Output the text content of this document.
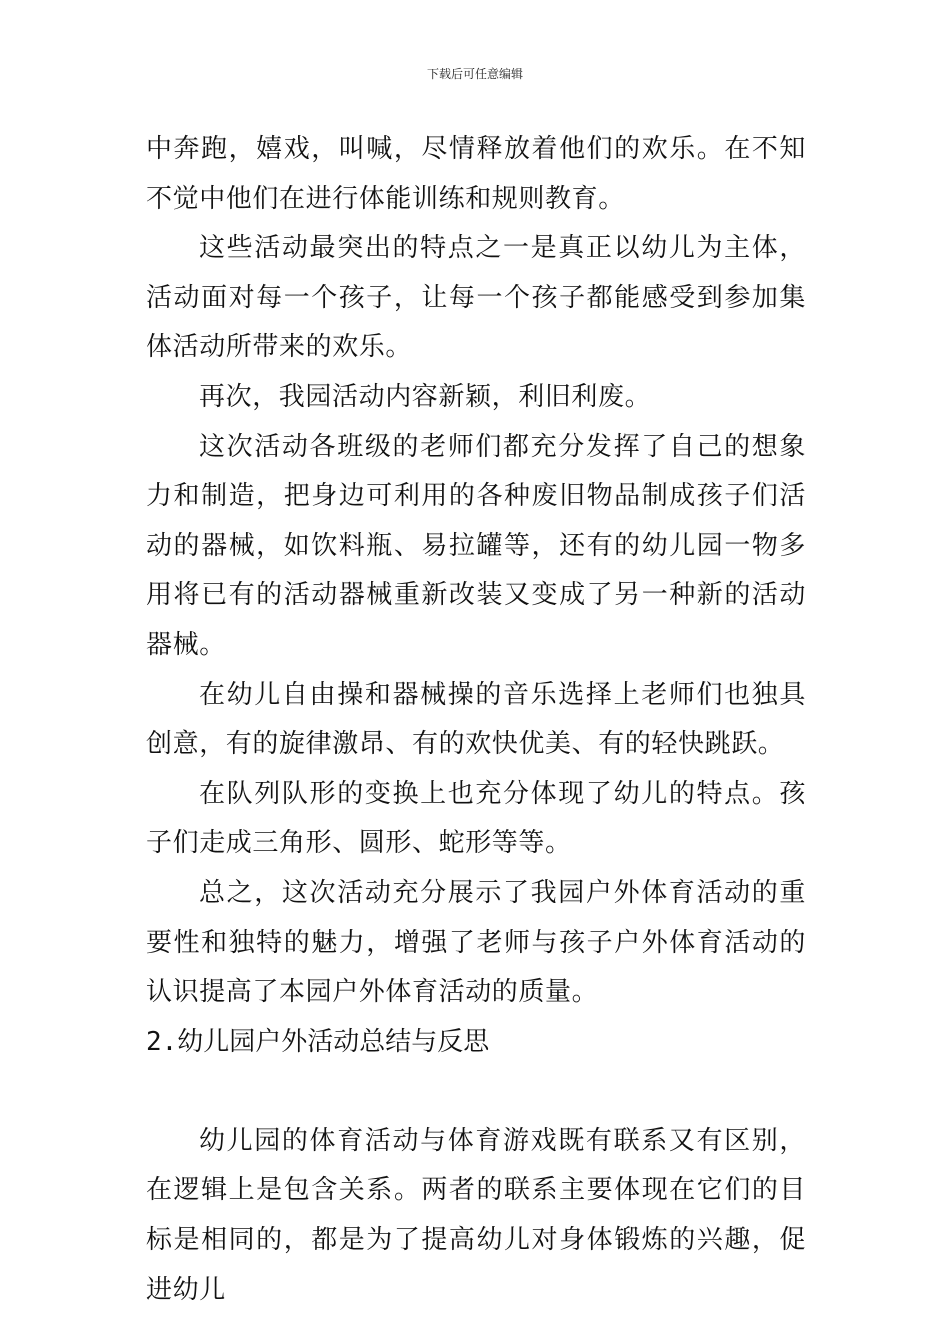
下载后可任意编辑

中奔跑，嬉戏，叫喊，尽情释放着他们的欢乐。在不知不觉中他们在进行体能训练和规则教育。

这些活动最突出的特点之一是真正以幼儿为主体，活动面对每一个孩子，让每一个孩子都能感受到参加集体活动所带来的欢乐。

再次，我园活动内容新颖，利旧利废。

这次活动各班级的老师们都充分发挥了自己的想象力和制造，把身边可利用的各种废旧物品制成孩子们活动的器械，如饮料瓶、易拉罐等，还有的幼儿园一物多用将已有的活动器械重新改装又变成了另一种新的活动器械。

在幼儿自由操和器械操的音乐选择上老师们也独具创意，有的旋律激昂、有的欢快优美、有的轻快跳跃。

在队列队形的变换上也充分体现了幼儿的特点。孩子们走成三角形、圆形、蛇形等等。

总之，这次活动充分展示了我园户外体育活动的重要性和独特的魅力，增强了老师与孩子户外体育活动的认识提高了本园户外体育活动的质量。

2.幼儿园户外活动总结与反思

幼儿园的体育活动与体育游戏既有联系又有区别，在逻辑上是包含关系。两者的联系主要体现在它们的目标是相同的，都是为了提高幼儿对身体锻炼的兴趣，促进幼儿
